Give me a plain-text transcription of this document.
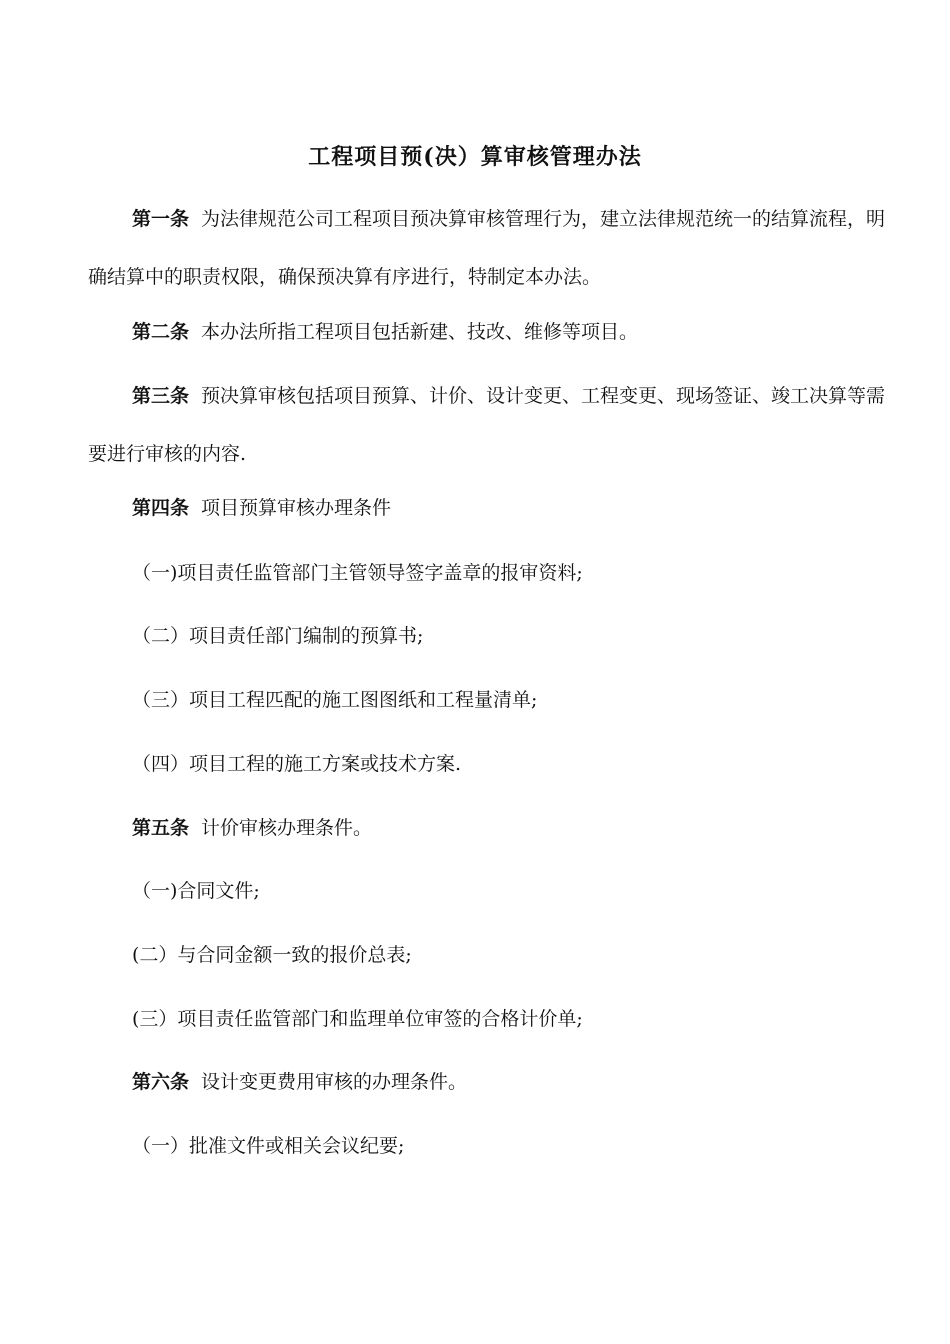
工程项目预(决）算审核管理办法

第一条 为法律规范公司工程项目预决算审核管理行为，建立法律规范统一的结算流程，明确结算中的职责权限，确保预决算有序进行，特制定本办法。

第二条 本办法所指工程项目包括新建、技改、维修等项目。

第三条 预决算审核包括项目预算、计价、设计变更、工程变更、现场签证、竣工决算等需要进行审核的内容.

第四条 项目预算审核办理条件

（一)项目责任监管部门主管领导签字盖章的报审资料;

（二）项目责任部门编制的预算书;

（三）项目工程匹配的施工图图纸和工程量清单;

（四）项目工程的施工方案或技术方案.

第五条 计价审核办理条件。

（一)合同文件;

(二）与合同金额一致的报价总表;

(三）项目责任监管部门和监理单位审签的合格计价单;

第六条 设计变更费用审核的办理条件。

（一）批准文件或相关会议纪要;
